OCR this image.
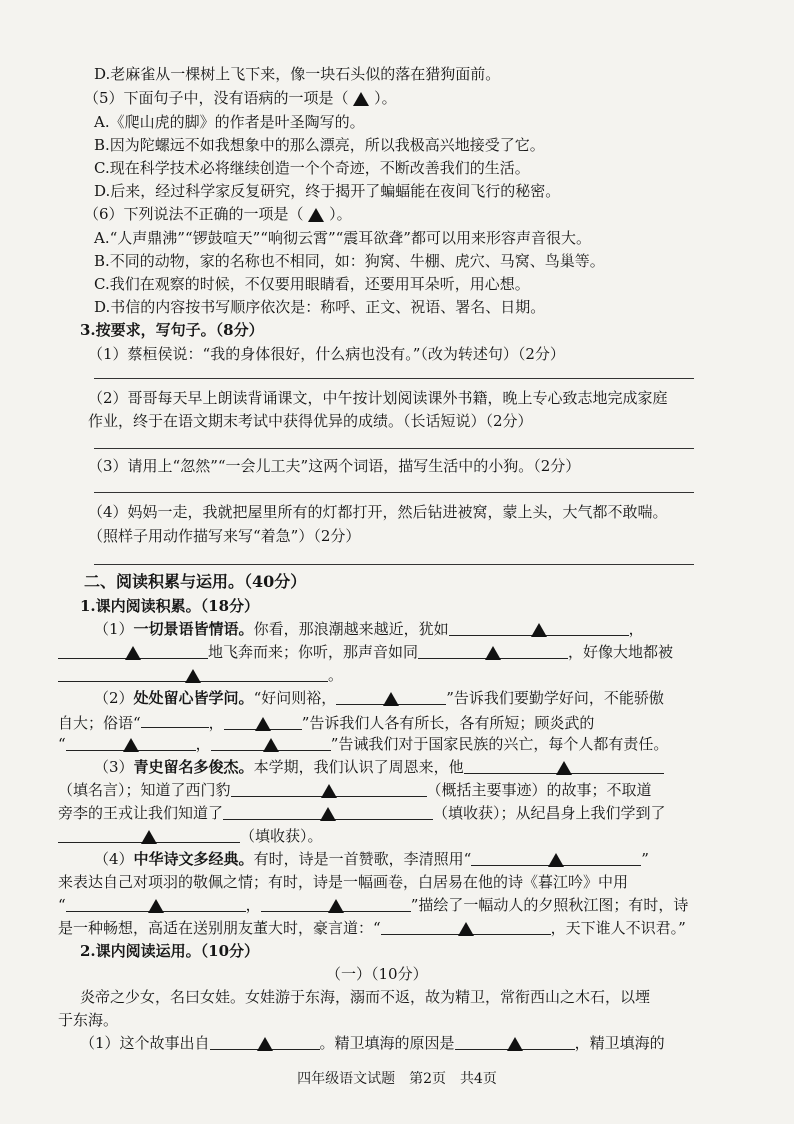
D.老麻雀从一棵树上飞下来，像一块石头似的落在猎狗面前。
（5）下面句子中，没有语病的一项是（ ）。
A.《爬山虎的脚》的作者是叶圣陶写的。
B.因为陀螺远不如我想象中的那么漂亮，所以我极高兴地接受了它。
C.现在科学技术必将继续创造一个个奇迹，不断改善我们的生活。
D.后来，经过科学家反复研究，终于揭开了蝙蝠能在夜间飞行的秘密。
（6）下列说法不正确的一项是（ ）。
A.“人声鼎沸”“锣鼓喧天”“响彻云霄”“震耳欲聋”都可以用来形容声音很大。
B.不同的动物，家的名称也不相同，如：狗窝、牛棚、虎穴、马窝、鸟巢等。
C.我们在观察的时候，不仅要用眼睛看，还要用耳朵听，用心想。
D.书信的内容按书写顺序依次是：称呼、正文、祝语、署名、日期。
3.按要求，写句子。（8分）
（1）蔡桓侯说：“我的身体很好，什么病也没有。”（改为转述句）（2分）
（2）哥哥每天早上朗读背诵课文，中午按计划阅读课外书籍，晚上专心致志地完成家庭
作业，终于在语文期末考试中获得优异的成绩。（长话短说）（2分）
（3）请用上“忽然”“一会儿工夫”这两个词语，描写生活中的小狗。（2分）
（4）妈妈一走，我就把屋里所有的灯都打开，然后钻进被窝，蒙上头，大气都不敢喘。
（照样子用动作描写来写“着急”）（2分）
二、阅读积累与运用。（40分）
1.课内阅读积累。（18分）
（1）一切景语皆情语。你看，那浪潮越来越近，犹如	，
地飞奔而来；你听，那声音如同	，好像大地都被
。
（2）处处留心皆学问。“好问则裕，	”告诉我们要勤学好问，不能骄傲
自大；俗语“	，	”告诉我们人各有所长，各有所短；顾炎武的
“	，	”告诫我们对于国家民族的兴亡，每个人都有责任。
（3）青史留名多俊杰。本学期，我们认识了周恩来，他
（填名言）；知道了西门豹	（概括主要事迹）的故事；不取道
旁李的王戎让我们知道了	（填收获）；从纪昌身上我们学到了
（填收获）。
（4）中华诗文多经典。有时，诗是一首赞歌，李清照用“	”
来表达自己对项羽的敬佩之情；有时，诗是一幅画卷，白居易在他的诗《暮江吟》中用
“	，	”描绘了一幅动人的夕照秋江图；有时，诗
是一种畅想，高适在送别朋友董大时，豪言道：“	，天下谁人不识君。”
2.课内阅读运用。（10分）
（一）（10分）
炎帝之少女，名曰女娃。女娃游于东海，溺而不返，故为精卫，常衔西山之木石，以堙
于东海。
（1）这个故事出自	。精卫填海的原因是	，精卫填海的
四年级语文试题　第2页　共4页
